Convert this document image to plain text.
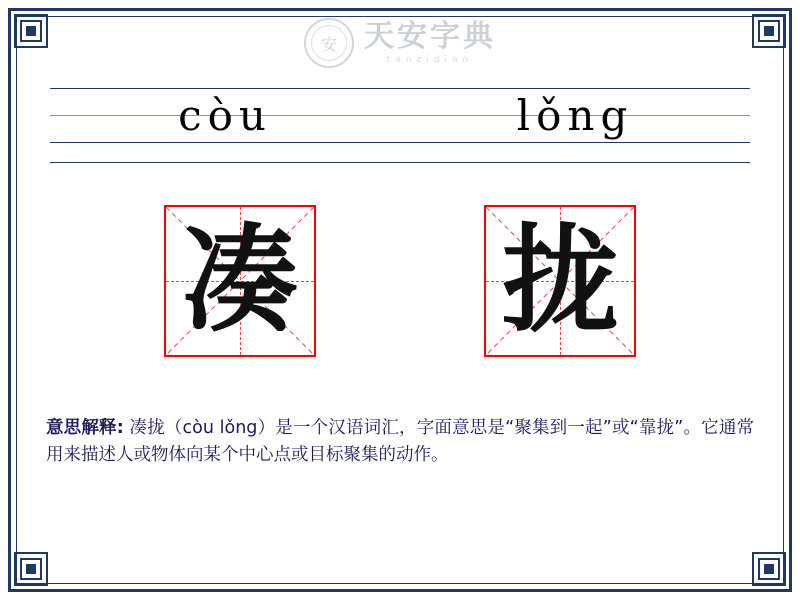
安 天安字典
tanzidian
còu	lǒng
凑 拢
意思解释: 凑拢（còu lǒng）是一个汉语词汇，字面意思是“聚集到一起”或“靠拢”。它通常用来描述人或物体向某个中心点或目标聚集的动作。
